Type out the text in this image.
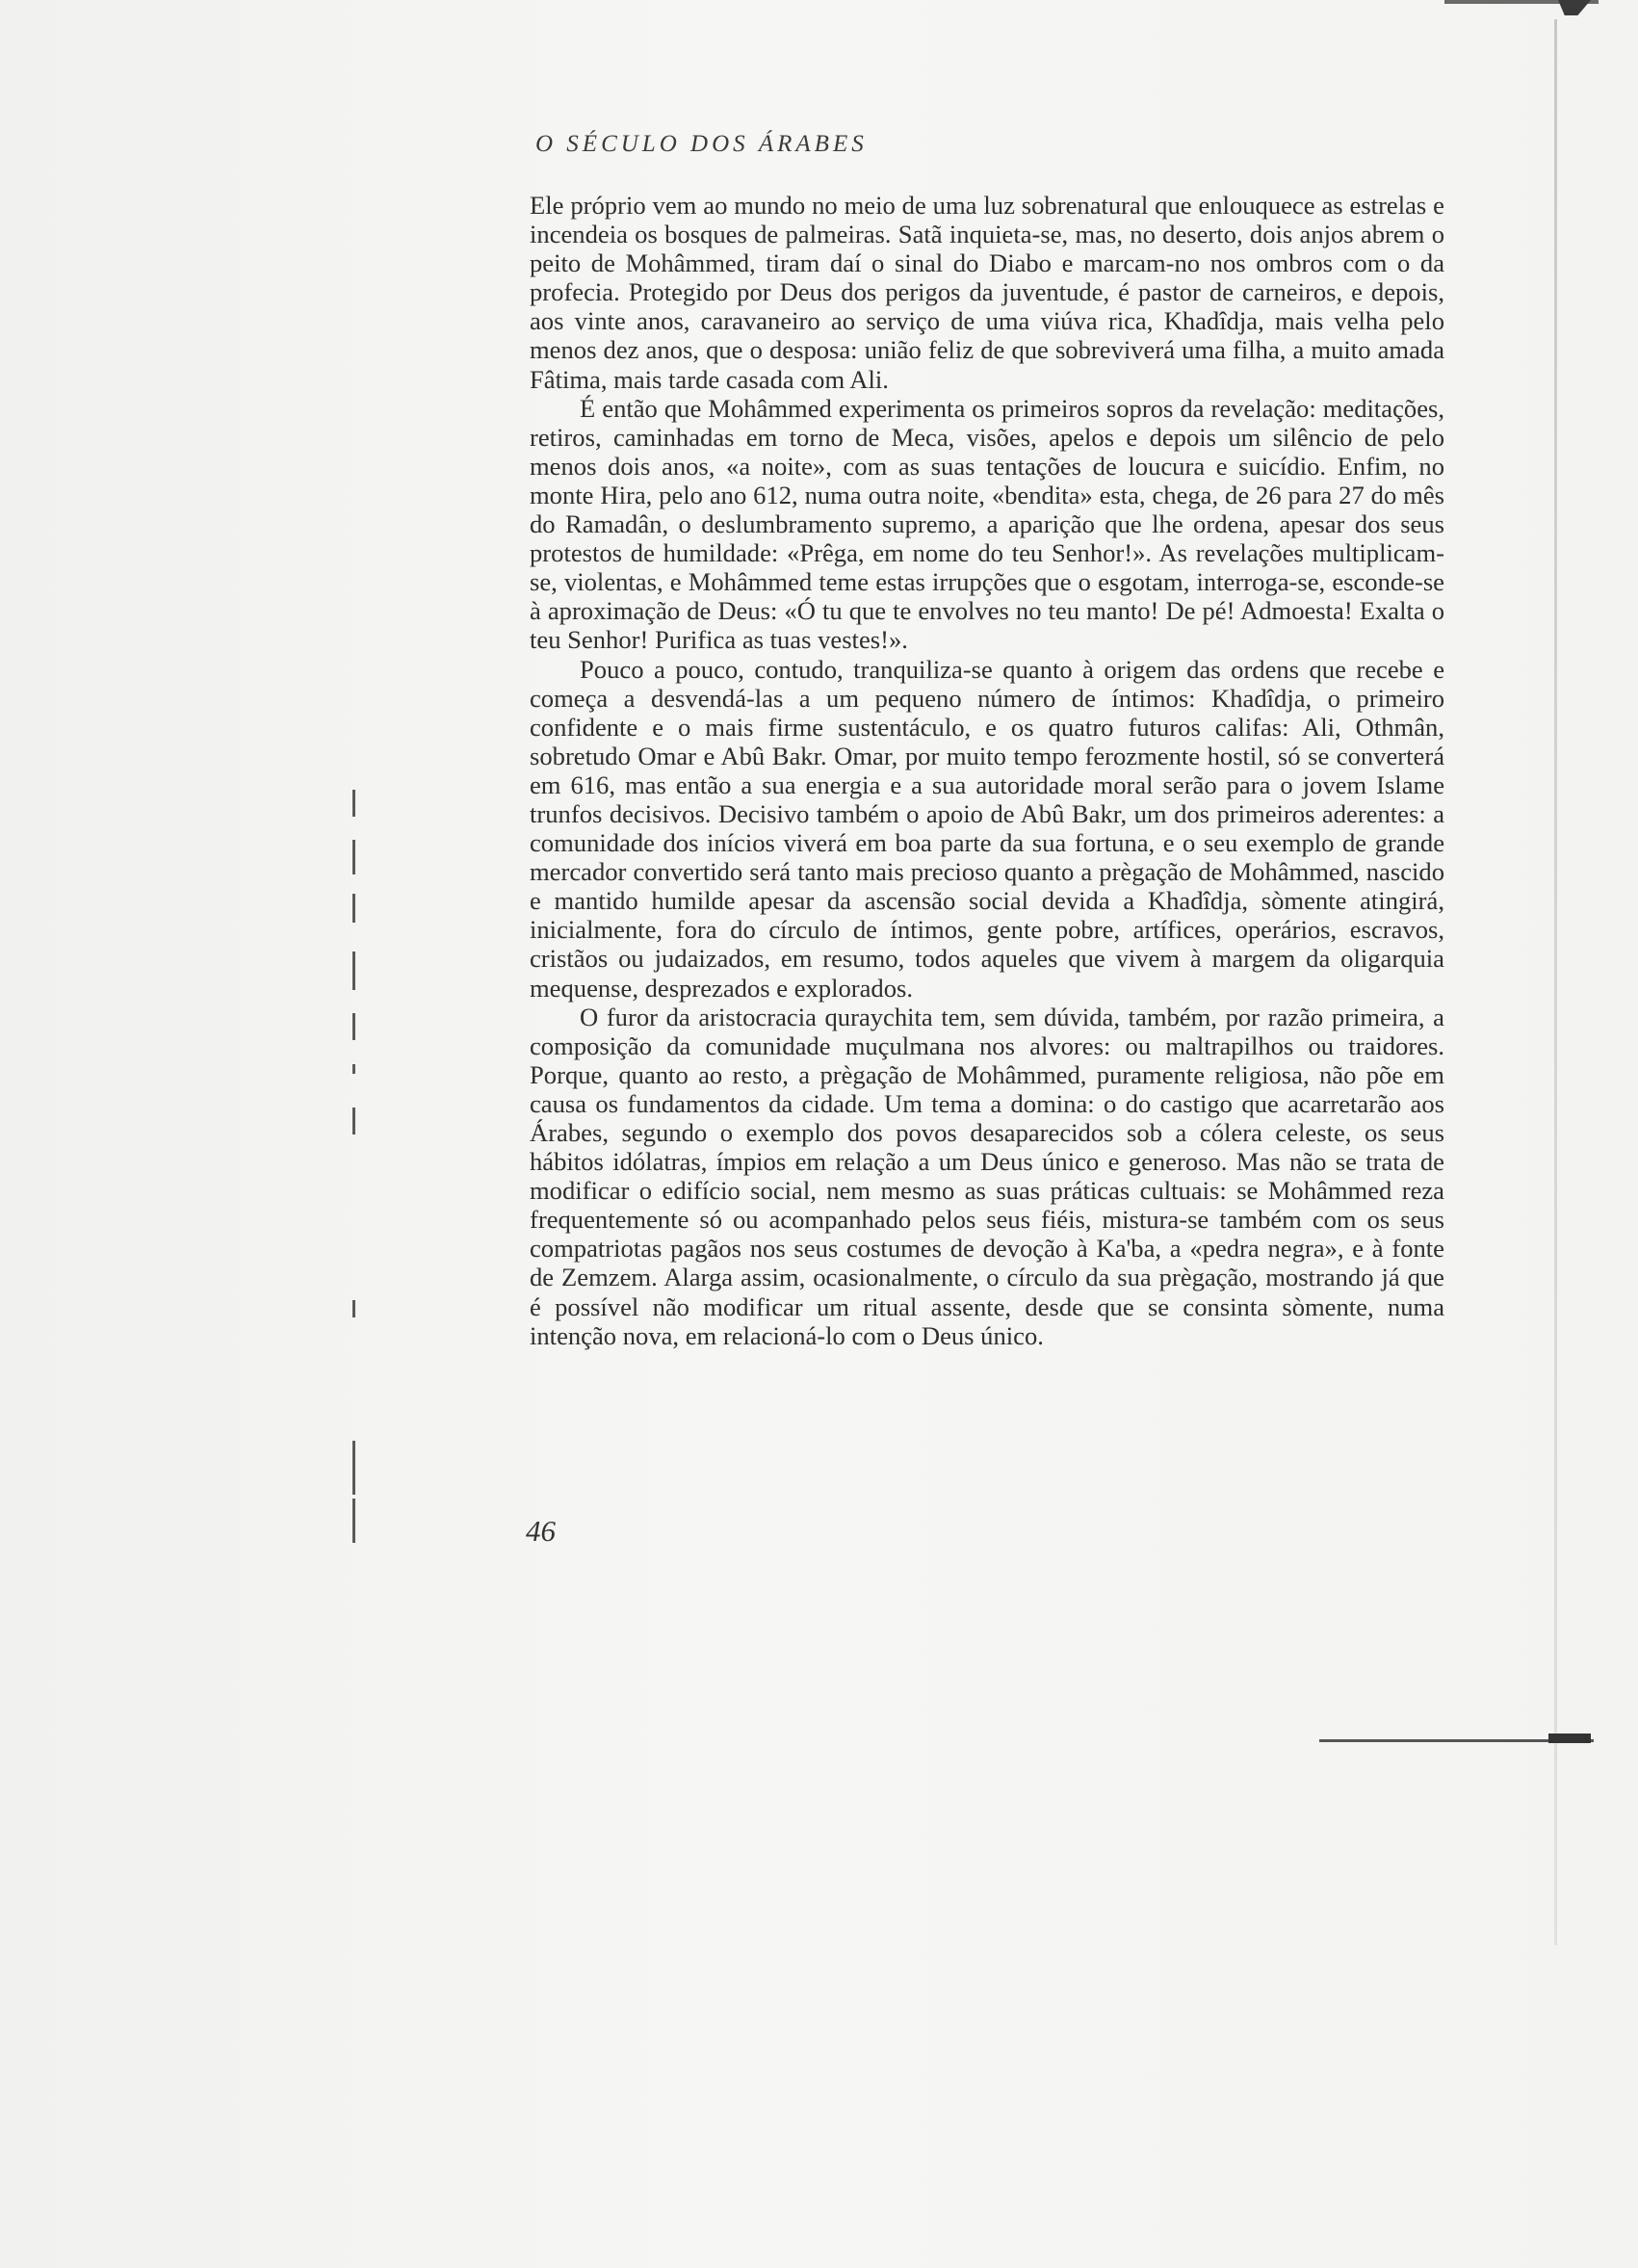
O SÉCULO DOS ÁRABES

Ele próprio vem ao mundo no meio de uma luz sobrenatural que enlouquece as estrelas e incendeia os bosques de palmeiras. Satã inquieta-se, mas, no deserto, dois anjos abrem o peito de Mohâmmed, tiram daí o sinal do Diabo e marcam-no nos ombros com o da profecia. Protegido por Deus dos perigos da juventude, é pastor de carneiros, e depois, aos vinte anos, caravaneiro ao serviço de uma viúva rica, Khadîdja, mais velha pelo menos dez anos, que o desposa: união feliz de que sobreviverá uma filha, a muito amada Fâtima, mais tarde casada com Ali.

É então que Mohâmmed experimenta os primeiros sopros da revelação: meditações, retiros, caminhadas em torno de Meca, visões, apelos e depois um silêncio de pelo menos dois anos, «a noite», com as suas tentações de loucura e suicídio. Enfim, no monte Hira, pelo ano 612, numa outra noite, «bendita» esta, chega, de 26 para 27 do mês do Ramadân, o deslumbramento supremo, a aparição que lhe ordena, apesar dos seus protestos de humildade: «Prêga, em nome do teu Senhor!». As revelações multiplicam-se, violentas, e Mohâmmed teme estas irrupções que o esgotam, interroga-se, esconde-se à aproximação de Deus: «Ó tu que te envolves no teu manto! De pé! Admoesta! Exalta o teu Senhor! Purifica as tuas vestes!».

Pouco a pouco, contudo, tranquiliza-se quanto à origem das ordens que recebe e começa a desvendá-las a um pequeno número de íntimos: Khadîdja, o primeiro confidente e o mais firme sustentáculo, e os quatro futuros califas: Ali, Othmân, sobretudo Omar e Abû Bakr. Omar, por muito tempo ferozmente hostil, só se converterá em 616, mas então a sua energia e a sua autoridade moral serão para o jovem Islame trunfos decisivos. Decisivo também o apoio de Abû Bakr, um dos primeiros aderentes: a comunidade dos inícios viverá em boa parte da sua fortuna, e o seu exemplo de grande mercador convertido será tanto mais precioso quanto a prègação de Mohâmmed, nascido e mantido humilde apesar da ascensão social devida a Khadîdja, sòmente atingirá, inicialmente, fora do círculo de íntimos, gente pobre, artífices, operários, escravos, cristãos ou judaizados, em resumo, todos aqueles que vivem à margem da oligarquia mequense, desprezados e explorados.

O furor da aristocracia quraychita tem, sem dúvida, também, por razão primeira, a composição da comunidade muçulmana nos alvores: ou maltrapilhos ou traidores. Porque, quanto ao resto, a prègação de Mohâmmed, puramente religiosa, não põe em causa os fundamentos da cidade. Um tema a domina: o do castigo que acarretarão aos Árabes, segundo o exemplo dos povos desaparecidos sob a cólera celeste, os seus hábitos idólatras, ímpios em relação a um Deus único e generoso. Mas não se trata de modificar o edifício social, nem mesmo as suas práticas cultuais: se Mohâmmed reza frequentemente só ou acompanhado pelos seus fiéis, mistura-se também com os seus compatriotas pagãos nos seus costumes de devoção à Ka'ba, a «pedra negra», e à fonte de Zemzem. Alarga assim, ocasionalmente, o círculo da sua prègação, mostrando já que é possível não modificar um ritual assente, desde que se consinta sòmente, numa intenção nova, em relacioná-lo com o Deus único.

46
